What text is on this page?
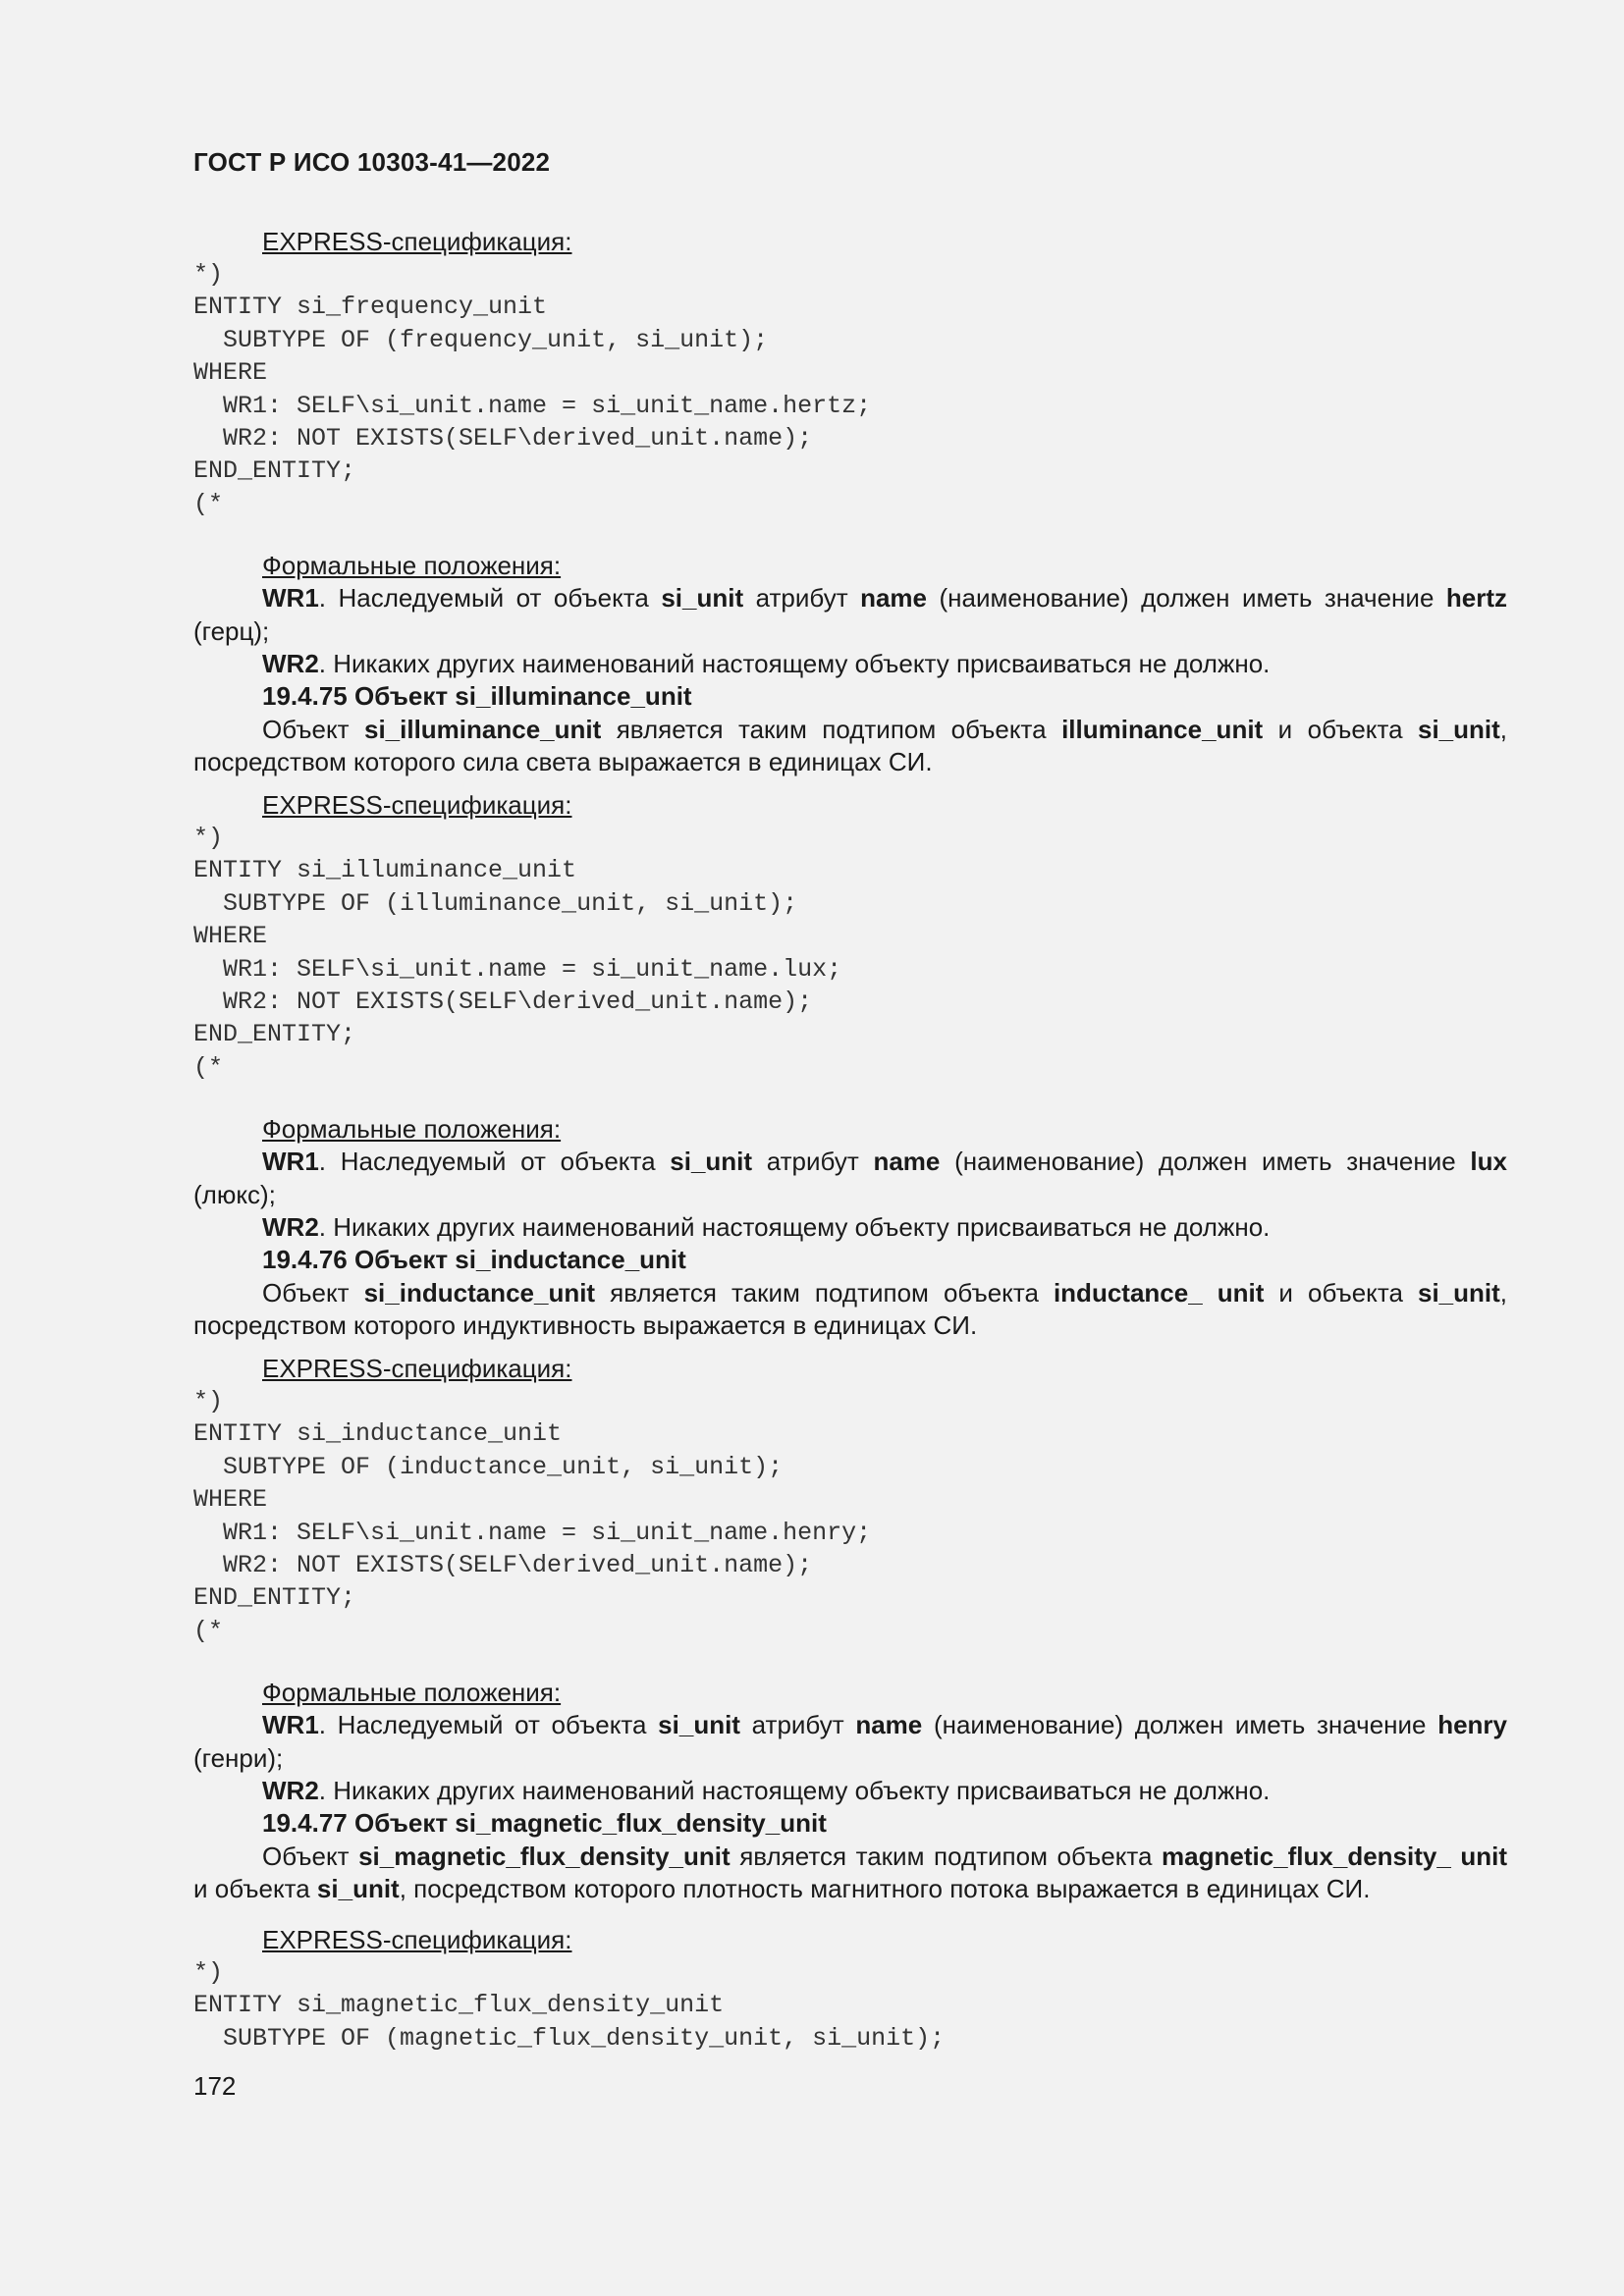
ГОСТ Р ИСО 10303-41—2022
EXPRESS-спецификация:
*)
ENTITY si_frequency_unit
SUBTYPE OF (frequency_unit, si_unit);
WHERE
WR1: SELF\si_unit.name = si_unit_name.hertz;
WR2: NOT EXISTS(SELF\derived_unit.name);
END_ENTITY;
(*
Формальные положения:

WR1. Наследуемый от объекта si_unit атрибут name (наименование) должен иметь значение hertz (герц);

WR2. Никаких других наименований настоящему объекту присваиваться не должно.

19.4.75 Объект si_illuminance_unit

Объект si_illuminance_unit является таким подтипом объекта illuminance_unit и объекта si_unit, посредством которого сила света выражается в единицах СИ.

EXPRESS-спецификация:
*)
ENTITY si_illuminance_unit
SUBTYPE OF (illuminance_unit, si_unit);
WHERE
WR1: SELF\si_unit.name = si_unit_name.lux;
WR2: NOT EXISTS(SELF\derived_unit.name);
END_ENTITY;
(*
Формальные положения:

WR1. Наследуемый от объекта si_unit атрибут name (наименование) должен иметь значение lux (люкс);

WR2. Никаких других наименований настоящему объекту присваиваться не должно.

19.4.76 Объект si_inductance_unit

Объект si_inductance_unit является таким подтипом объекта inductance_ unit и объекта si_unit, посредством которого индуктивность выражается в единицах СИ.

EXPRESS-спецификация:
*)
ENTITY si_inductance_unit
SUBTYPE OF (inductance_unit, si_unit);
WHERE
WR1: SELF\si_unit.name = si_unit_name.henry;
WR2: NOT EXISTS(SELF\derived_unit.name);
END_ENTITY;
(*
Формальные положения:

WR1. Наследуемый от объекта si_unit атрибут name (наименование) должен иметь значение henry (генри);

WR2. Никаких других наименований настоящему объекту присваиваться не должно.

19.4.77 Объект si_magnetic_flux_density_unit

Объект si_magnetic_flux_density_unit является таким подтипом объекта magnetic_flux_density_ unit и объекта si_unit, посредством которого плотность магнитного потока выражается в единицах СИ.

EXPRESS-спецификация:
*)
ENTITY si_magnetic_flux_density_unit
SUBTYPE OF (magnetic_flux_density_unit, si_unit);
172
